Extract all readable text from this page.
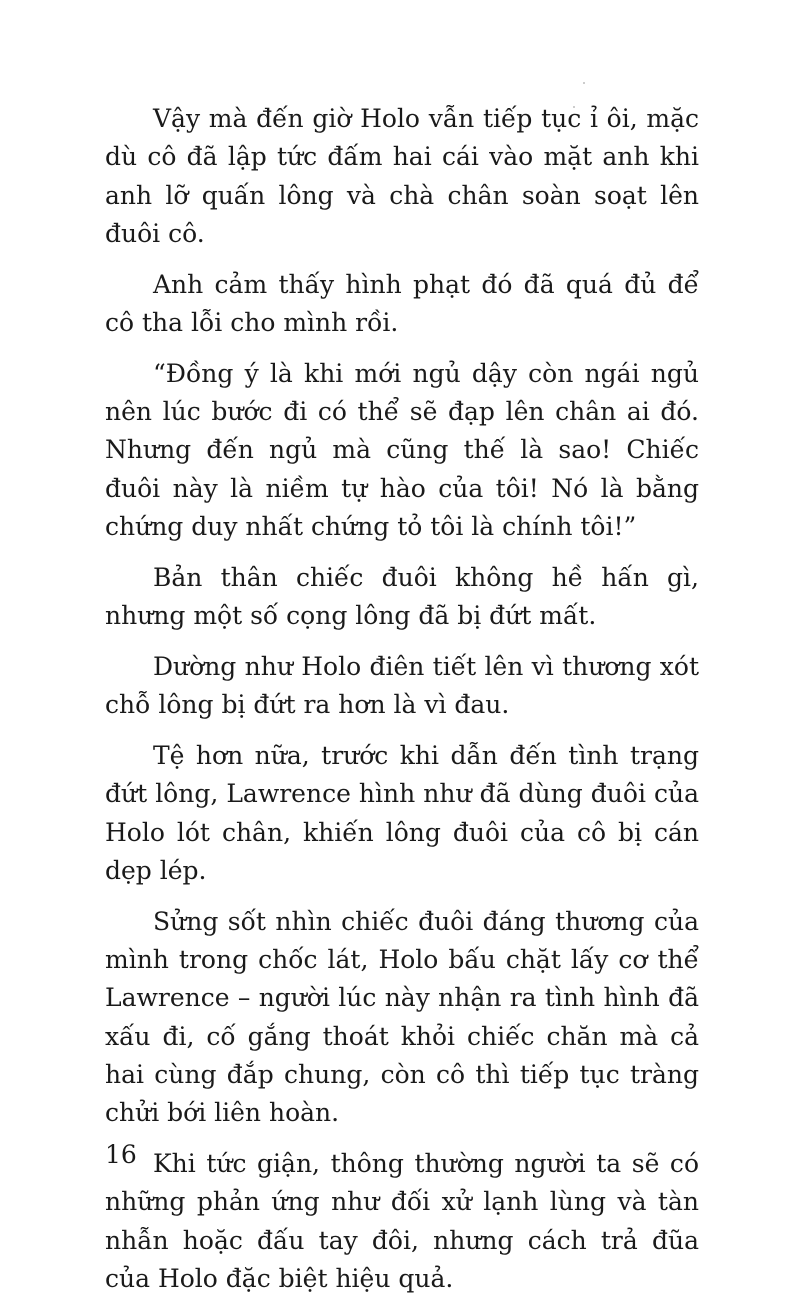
Vậy mà đến giờ Holo vẫn tiếp tục ỉ ôi, mặc dù cô đã lập tức đấm hai cái vào mặt anh khi anh lỡ quấn lông và chà chân soàn soạt lên đuôi cô.

Anh cảm thấy hình phạt đó đã quá đủ để cô tha lỗi cho mình rồi.

“Đồng ý là khi mới ngủ dậy còn ngái ngủ nên lúc bước đi có thể sẽ đạp lên chân ai đó. Nhưng đến ngủ mà cũng thế là sao! Chiếc đuôi này là niềm tự hào của tôi! Nó là bằng chứng duy nhất chứng tỏ tôi là chính tôi!”

Bản thân chiếc đuôi không hề hấn gì, nhưng một số cọng lông đã bị đứt mất.

Dường như Holo điên tiết lên vì thương xót chỗ lông bị đứt ra hơn là vì đau.

Tệ hơn nữa, trước khi dẫn đến tình trạng đứt lông, Lawrence hình như đã dùng đuôi của Holo lót chân, khiến lông đuôi của cô bị cán dẹp lép.

Sửng sốt nhìn chiếc đuôi đáng thương của mình trong chốc lát, Holo bấu chặt lấy cơ thể Lawrence – người lúc này nhận ra tình hình đã xấu đi, cố gắng thoát khỏi chiếc chăn mà cả hai cùng đắp chung, còn cô thì tiếp tục tràng chửi bới liên hoàn.

Khi tức giận, thông thường người ta sẽ có những phản ứng như đối xử lạnh lùng và tàn nhẫn hoặc đấu tay đôi, nhưng cách trả đũa của Holo đặc biệt hiệu quả.

16
